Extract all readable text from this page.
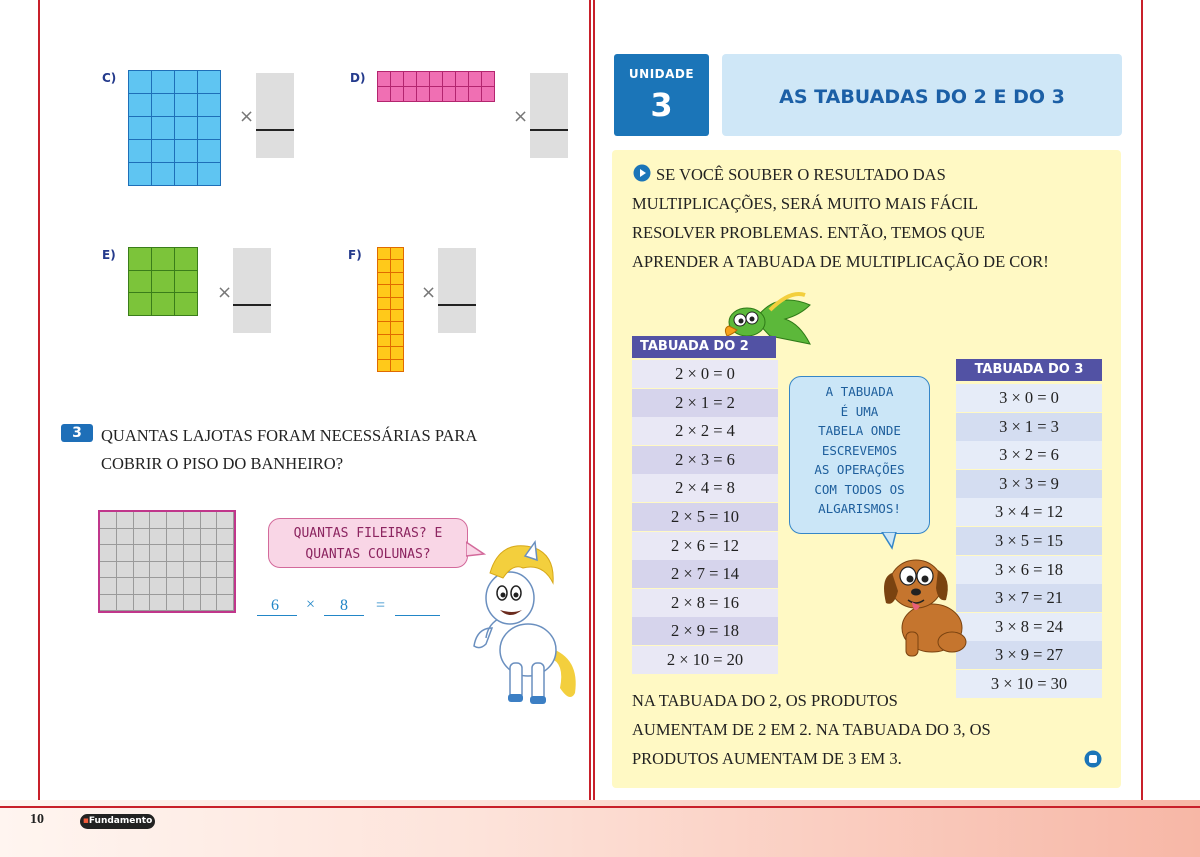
C)
×
D)
×
E)
×
F)
×
3	QUANTAS LAJOTAS FORAM NECESSÁRIAS PARA
COBRIR O PISO DO BANHEIRO?
QUANTAS FILEIRAS? E
QUANTAS COLUNAS?
6 × 8 =
UNIDADE
3	AS TABUADAS DO 2 E DO 3
SE VOCÊ SOUBER O RESULTADO DAS
MULTIPLICAÇÕES, SERÁ MUITO MAIS FÁCIL
RESOLVER PROBLEMAS. ENTÃO, TEMOS QUE
APRENDER A TABUADA DE MULTIPLICAÇÃO DE COR!
TABUADA DO 2
2 × 0 = 0
2 × 1 = 2
2 × 2 = 4
2 × 3 = 6
2 × 4 = 8
2 × 5 = 10
2 × 6 = 12
2 × 7 = 14
2 × 8 = 16
2 × 9 = 18
2 × 10 = 20
TABUADA DO 3
3 × 0 = 0
3 × 1 = 3
3 × 2 = 6
3 × 3 = 9
3 × 4 = 12
3 × 5 = 15
3 × 6 = 18
3 × 7 = 21
3 × 8 = 24
3 × 9 = 27
3 × 10 = 30
A TABUADA
É UMA
TABELA ONDE
ESCREVEMOS
AS OPERAÇÕES
COM TODOS OS
ALGARISMOS!
NA TABUADA DO 2, OS PRODUTOS
AUMENTAM DE 2 EM 2. NA TABUADA DO 3, OS
PRODUTOS AUMENTAM DE 3 EM 3.
10	▪Fundamento
